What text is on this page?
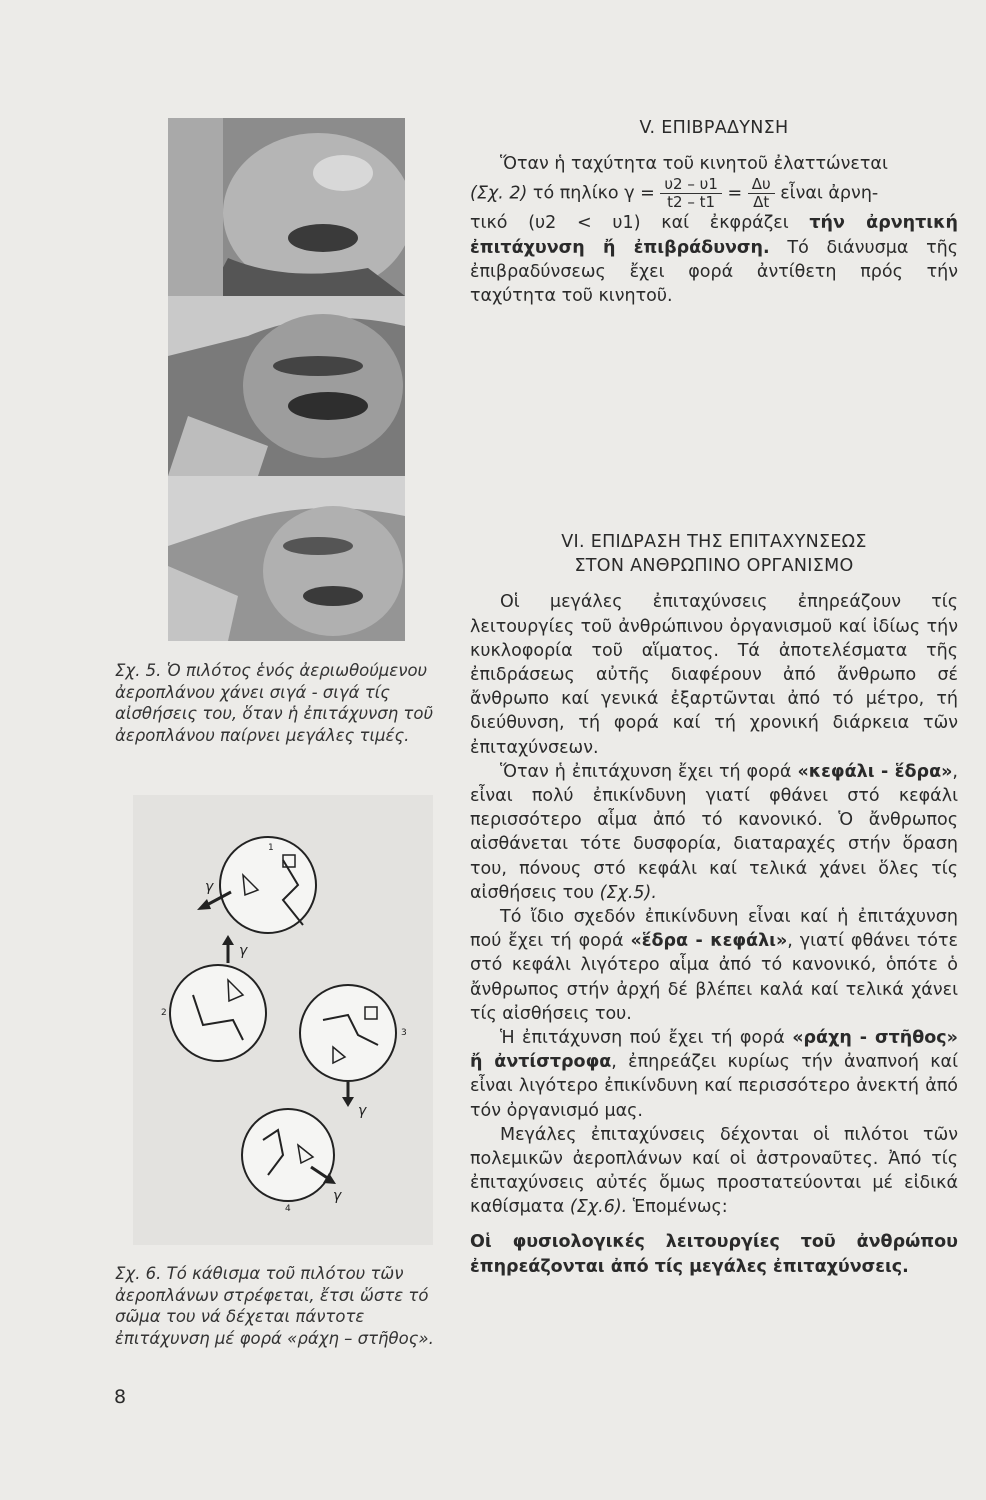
Σχ. 5. Ὁ πιλότος ἑνός ἀεριωθούμενου ἀεροπλάνου χάνει σιγά - σιγά τίς αἰσθήσεις του, ὅταν ἡ ἐπιτάχυνση τοῦ ἀεροπλάνου παίρνει μεγάλες τιμές.
1
γ
γ
2
γ
3
γ
4
Σχ. 6. Τό κάθισμα τοῦ πιλότου τῶν ἀεροπλάνων στρέφεται, ἔτσι ὥστε τό σῶμα του νά δέχεται πάντοτε ἐπιτάχυνση μέ φορά «ράχη – στῆθος».
V. ΕΠΙΒΡΑΔΥΝΣΗ

Ὅταν ἡ ταχύτητα τοῦ κινητοῦ ἐλαττώνεται

(Σχ. 2) τό πηλίκο $\gamma = \frac{\upsilon 2 - \upsilon 1}{t2 - t1} = \frac{\Delta\upsilon}{\Delta t}$ εἶναι ἀρνη-

τικό (υ2 < υ1) καί ἐκφράζει τήν ἀρνητική ἐπιτάχυνση ἤ ἐπιβράδυνση. Τό διάνυσμα τῆς ἐπιβραδύνσεως ἔχει φορά ἀντίθετη πρός τήν ταχύτητα τοῦ κινητοῦ.

VI. ΕΠΙΔΡΑΣΗ ΤΗΣ ΕΠΙΤΑΧΥΝΣΕΩΣ
ΣΤΟΝ ΑΝΘΡΩΠΙΝΟ ΟΡΓΑΝΙΣΜΟ

Οἱ μεγάλες ἐπιταχύνσεις ἐπηρεάζουν τίς λειτουργίες τοῦ ἀνθρώπινου ὀργανισμοῦ καί ἰδίως τήν κυκλοφορία τοῦ αἵματος. Τά ἀποτελέσματα τῆς ἐπιδράσεως αὐτῆς διαφέρουν ἀπό ἄνθρωπο σέ ἄνθρωπο καί γενικά ἐξαρτῶνται ἀπό τό μέτρο, τή διεύθυνση, τή φορά καί τή χρονική διάρκεια τῶν ἐπιταχύνσεων.

Ὅταν ἡ ἐπιτάχυνση ἔχει τή φορά «κεφάλι - ἕδρα», εἶναι πολύ ἐπικίνδυνη γιατί φθάνει στό κεφάλι περισσότερο αἷμα ἀπό τό κανονικό. Ὁ ἄνθρωπος αἰσθάνεται τότε δυσφορία, διαταραχές στήν ὅραση του, πόνους στό κεφάλι καί τελικά χάνει ὅλες τίς αἰσθήσεις του (Σχ.5).

Τό ἴδιο σχεδόν ἐπικίνδυνη εἶναι καί ἡ ἐπιτάχυνση πού ἔχει τή φορά «ἕδρα - κεφάλι», γιατί φθάνει τότε στό κεφάλι λιγότερο αἷμα ἀπό τό κανονικό, ὁπότε ὁ ἄνθρωπος στήν ἀρχή δέ βλέπει καλά καί τελικά χάνει τίς αἰσθήσεις του.

Ἡ ἐπιτάχυνση πού ἔχει τή φορά «ράχη - στῆθος» ἤ ἀντίστροφα, ἐπηρεάζει κυρίως τήν ἀναπνοή καί εἶναι λιγότερο ἐπικίνδυνη καί περισσότερο ἀνεκτή ἀπό τόν ὀργανισμό μας.

Μεγάλες ἐπιταχύνσεις δέχονται οἱ πιλότοι τῶν πολεμικῶν ἀεροπλάνων καί οἱ ἀστροναῦτες. Ἀπό τίς ἐπιταχύνσεις αὐτές ὅμως προστατεύονται μέ εἰδικά καθίσματα (Σχ.6). Ἑπομένως:

Οἱ φυσιολογικές λειτουργίες τοῦ ἀνθρώπου ἐπηρεάζονται ἀπό τίς μεγάλες ἐπιταχύνσεις.

8
